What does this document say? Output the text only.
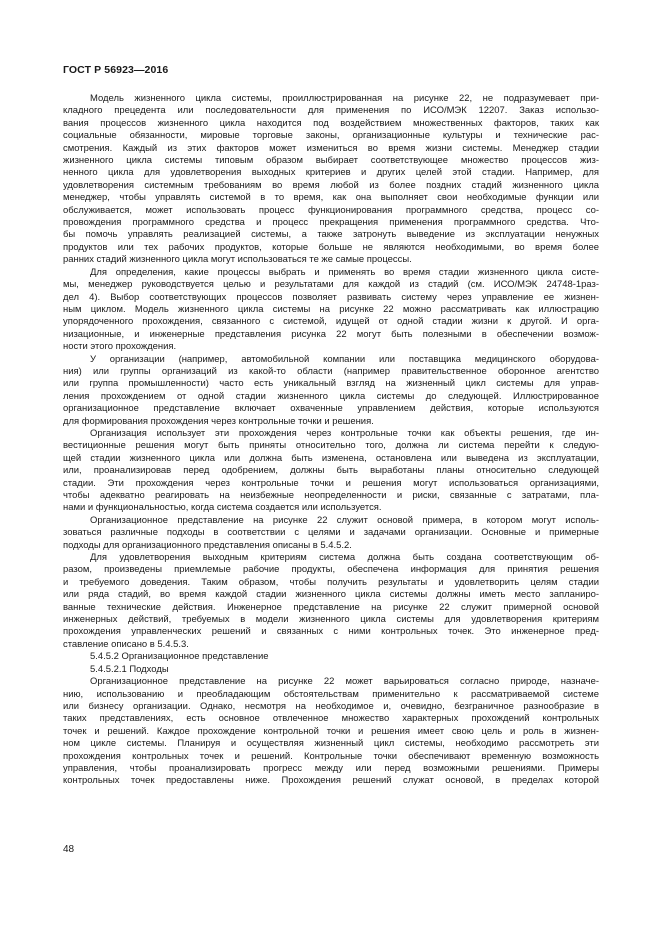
ГОСТ Р 56923—2016
Модель жизненного цикла системы, проиллюстрированная на рисунке 22, не подразумевает при-
кладного прецедента или последовательности для применения по ИСО/МЭК 12207. Заказ использо-
вания процессов жизненного цикла находится под воздействием множественных факторов, таких как
социальные обязанности, мировые торговые законы, организационные культуры и технические рас-
смотрения. Каждый из этих факторов может измениться во время жизни системы. Менеджер стадии
жизненного цикла системы типовым образом выбирает соответствующее множество процессов жиз-
ненного цикла для удовлетворения выходных критериев и других целей этой стадии. Например, для
удовлетворения системным требованиям во время любой из более поздних стадий жизненного цикла
менеджер, чтобы управлять системой в то время, как она выполняет свои необходимые функции или
обслуживается, может использовать процесс функционирования программного средства, процесс со-
провождения программного средства и процесс прекращения применения программного средства. Что-
бы помочь управлять реализацией системы, а также затронуть выведение из эксплуатации ненужных
продуктов или тех рабочих продуктов, которые больше не являются необходимыми, во время более
ранних стадий жизненного цикла могут использоваться те же самые процессы.
Для определения, какие процессы выбрать и применять во время стадии жизненного цикла систе-
мы, менеджер руководствуется целью и результатами для каждой из стадий (см. ИСО/МЭК 24748-1раз-
дел 4). Выбор соответствующих процессов позволяет развивать систему через управление ее жизнен-
ным циклом. Модель жизненного цикла системы на рисунке 22 можно рассматривать как иллюстрацию
упорядоченного прохождения, связанного с системой, идущей от одной стадии жизни к другой. И орга-
низационные, и инженерные представления рисунка 22 могут быть полезными в обеспечении возмож-
ности этого прохождения.
У организации (например, автомобильной компании или поставщика медицинского оборудова-
ния) или группы организаций из какой-то области (например правительственное оборонное агентство
или группа промышленности) часто есть уникальный взгляд на жизненный цикл системы для управ-
ления прохождением от одной стадии жизненного цикла системы до следующей. Иллюстрированное
организационное представление включает охваченные управлением действия, которые используются
для формирования прохождения через контрольные точки и решения.
Организация использует эти прохождения через контрольные точки как объекты решения, где ин-
вестиционные решения могут быть приняты относительно того, должна ли система перейти к следую-
щей стадии жизненного цикла или должна быть изменена, остановлена или выведена из эксплуатации,
или, проанализировав перед одобрением, должны быть выработаны планы относительно следующей
стадии. Эти прохождения через контрольные точки и решения могут использоваться организациями,
чтобы адекватно реагировать на неизбежные неопределенности и риски, связанные с затратами, пла-
нами и функциональностью, когда система создается или используется.
Организационное представление на рисунке 22 служит основой примера, в котором могут исполь-
зоваться различные подходы в соответствии с целями и задачами организации. Основные и примерные
подходы для организационного представления описаны в 5.4.5.2.
Для удовлетворения выходным критериям система должна быть создана соответствующим об-
разом, произведены приемлемые рабочие продукты, обеспечена информация для принятия решения
и требуемого доведения. Таким образом, чтобы получить результаты и удовлетворить целям стадии
или ряда стадий, во время каждой стадии жизненного цикла системы должны иметь место запланиро-
ванные технические действия. Инженерное представление на рисунке 22 служит примерной основой
инженерных действий, требуемых в модели жизненного цикла системы для удовлетворения критериям
прохождения управленческих решений и связанных с ними контрольных точек. Это инженерное пред-
ставление описано в 5.4.5.3.
5.4.5.2 Организационное представление
5.4.5.2.1 Подходы
Организационное представление на рисунке 22 может варьироваться согласно природе, назначе-
нию, использованию и преобладающим обстоятельствам применительно к рассматриваемой системе
или бизнесу организации. Однако, несмотря на необходимое и, очевидно, безграничное разнообразие в
таких представлениях, есть основное отвлеченное множество характерных прохождений контрольных
точек и решений. Каждое прохождение контрольной точки и решения имеет свою цель и роль в жизнен-
ном цикле системы. Планируя и осуществляя жизненный цикл системы, необходимо рассмотреть эти
прохождения контрольных точек и решений. Контрольные точки обеспечивают временную возможность
управления, чтобы проанализировать прогресс между или перед возможными решениями. Примеры
контрольных точек предоставлены ниже. Прохождения решений служат основой, в пределах которой
48
